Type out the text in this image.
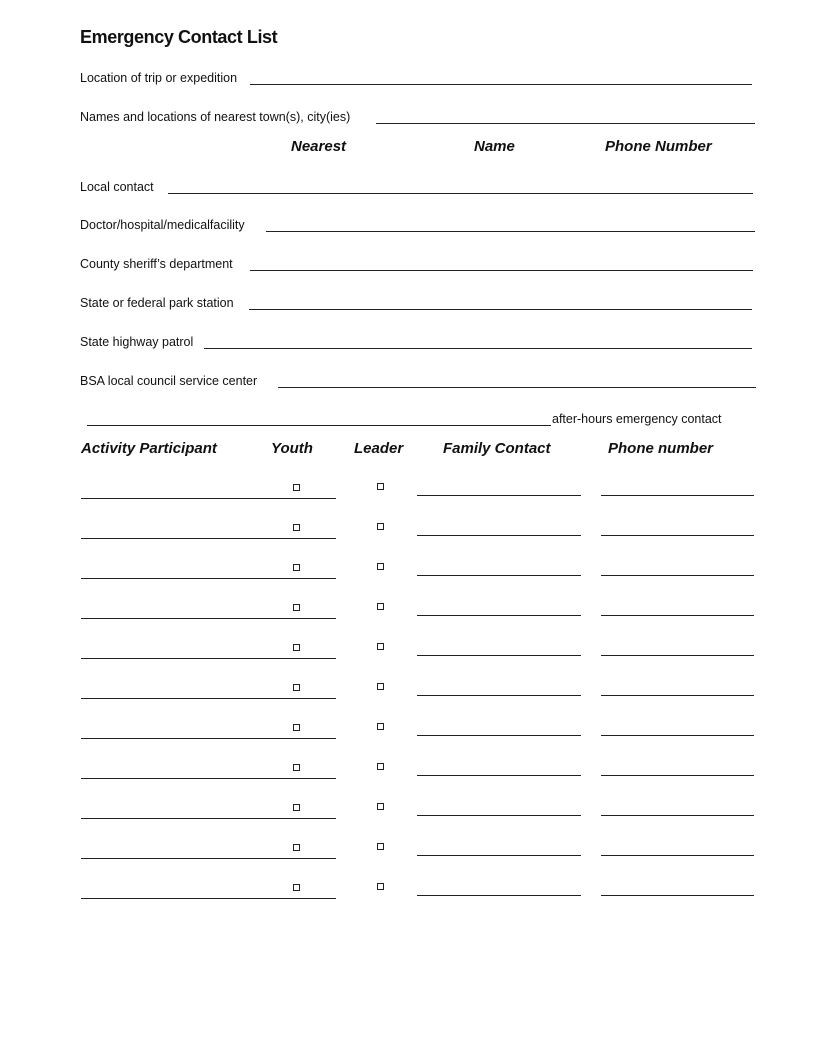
Emergency Contact List
Location of trip or expedition
Names and locations of nearest town(s), city(ies)
Nearest	Name	Phone Number
Local contact
Doctor/hospital/medicalfacility
County sheriff’s department
State or federal park station
State highway patrol
BSA local council service center
after-hours emergency contact
Activity Participant	Youth	Leader	Family Contact	Phone number
